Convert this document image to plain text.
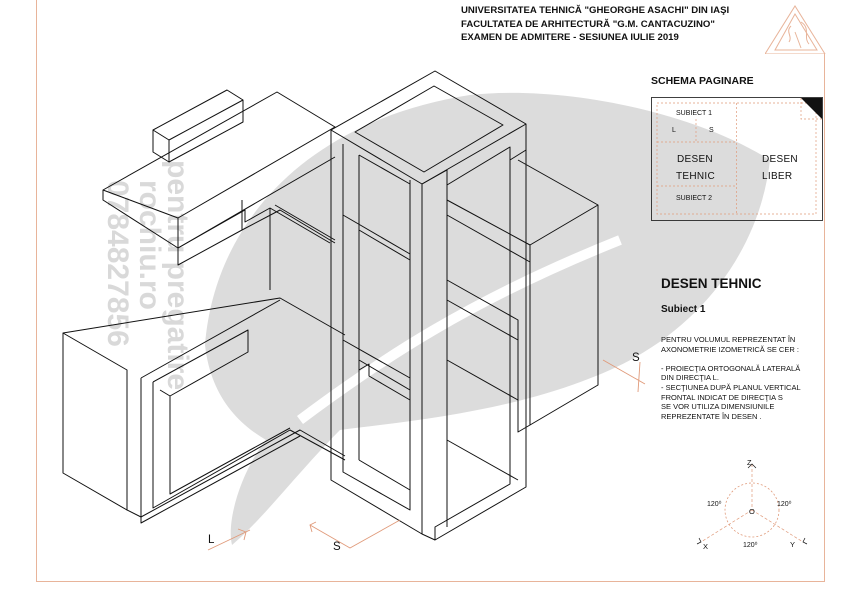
0784827856 rochiu.ro
pentru pregatire	S
L
S
UNIVERSITATEA TEHNICĂ "GHEORGHE ASACHI" DIN IAŞI
FACULTATEA DE ARHITECTURĂ "G.M. CANTACUZINO"
EXAMEN DE ADMITERE - SESIUNEA IULIE 2019
SCHEMA PAGINARE
SUBIECT 1
L	S
DESEN
TEHNIC
SUBIECT 2
DESEN
LIBER
DESEN TEHNIC
Subiect 1
PENTRU VOLUMUL REPREZENTAT ÎN
AXONOMETRIE IZOMETRICĂ SE CER :
- PROIECŢIA ORTOGONALĂ LATERALĂ
DIN DIRECŢIA L.
- SECŢIUNEA DUPĂ PLANUL VERTICAL
FRONTAL INDICAT DE DIRECŢIA S
SE VOR UTILIZA DIMENSIUNILE
REPREZENTATE ÎN DESEN .
Z
X	Y
O
120⁰	120⁰
120⁰
